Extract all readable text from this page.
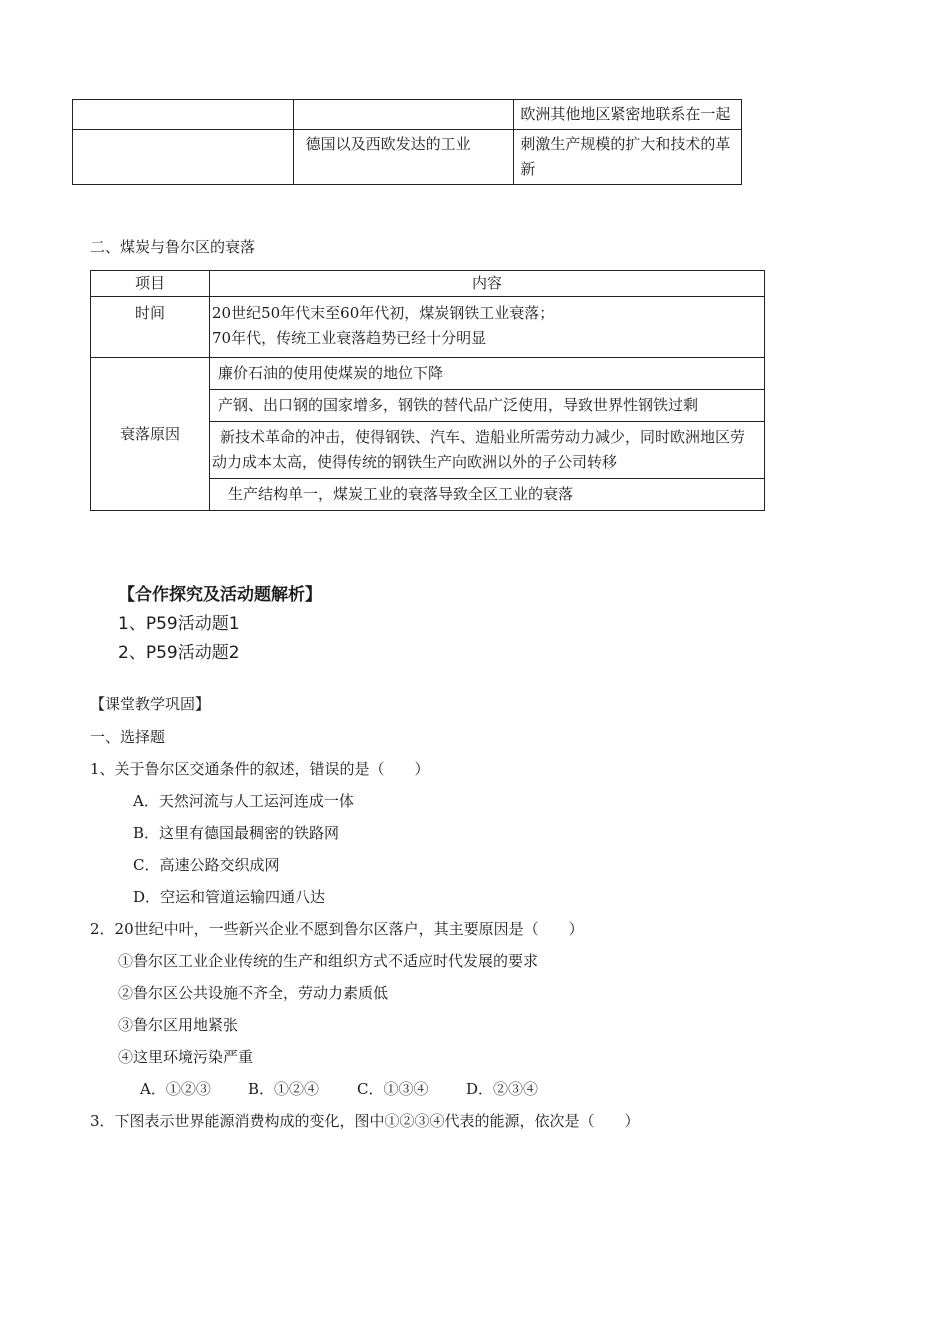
		欧洲其他地区紧密地联系在一起
	德国以及西欧发达的工业	刺激生产规模的扩大和技术的革新
二、煤炭与鲁尔区的衰落
项目	内容
时间	20世纪50年代末至60年代初，煤炭钢铁工业衰落；
70年代，传统工业衰落趋势已经十分明显

衰落原因	廉价石油的使用使煤炭的地位下降
产钢、出口钢的国家增多，钢铁的替代品广泛使用，导致世界性钢铁过剩
新技术革命的冲击，使得钢铁、汽车、造船业所需劳动力减少，同时欧洲地区劳动力成本太高，使得传统的钢铁生产向欧洲以外的子公司转移
生产结构单一，煤炭工业的衰落导致全区工业的衰落
【合作探究及活动题解析】
1、P59活动题1
2、P59活动题2
【课堂教学巩固】
一、选择题
1、关于鲁尔区交通条件的叙述，错误的是（　　）
A．天然河流与人工运河连成一体
B．这里有德国最稠密的铁路网
C．高速公路交织成网
D．空运和管道运输四通八达
2．20世纪中叶，一些新兴企业不愿到鲁尔区落户，其主要原因是（　　）
①鲁尔区工业企业传统的生产和组织方式不适应时代发展的要求
②鲁尔区公共设施不齐全，劳动力素质低
③鲁尔区用地紧张
④这里环境污染严重
A．①②③ B．①②④	C．①③④	D．②③④
3．下图表示世界能源消费构成的变化，图中①②③④代表的能源，依次是（　　）
